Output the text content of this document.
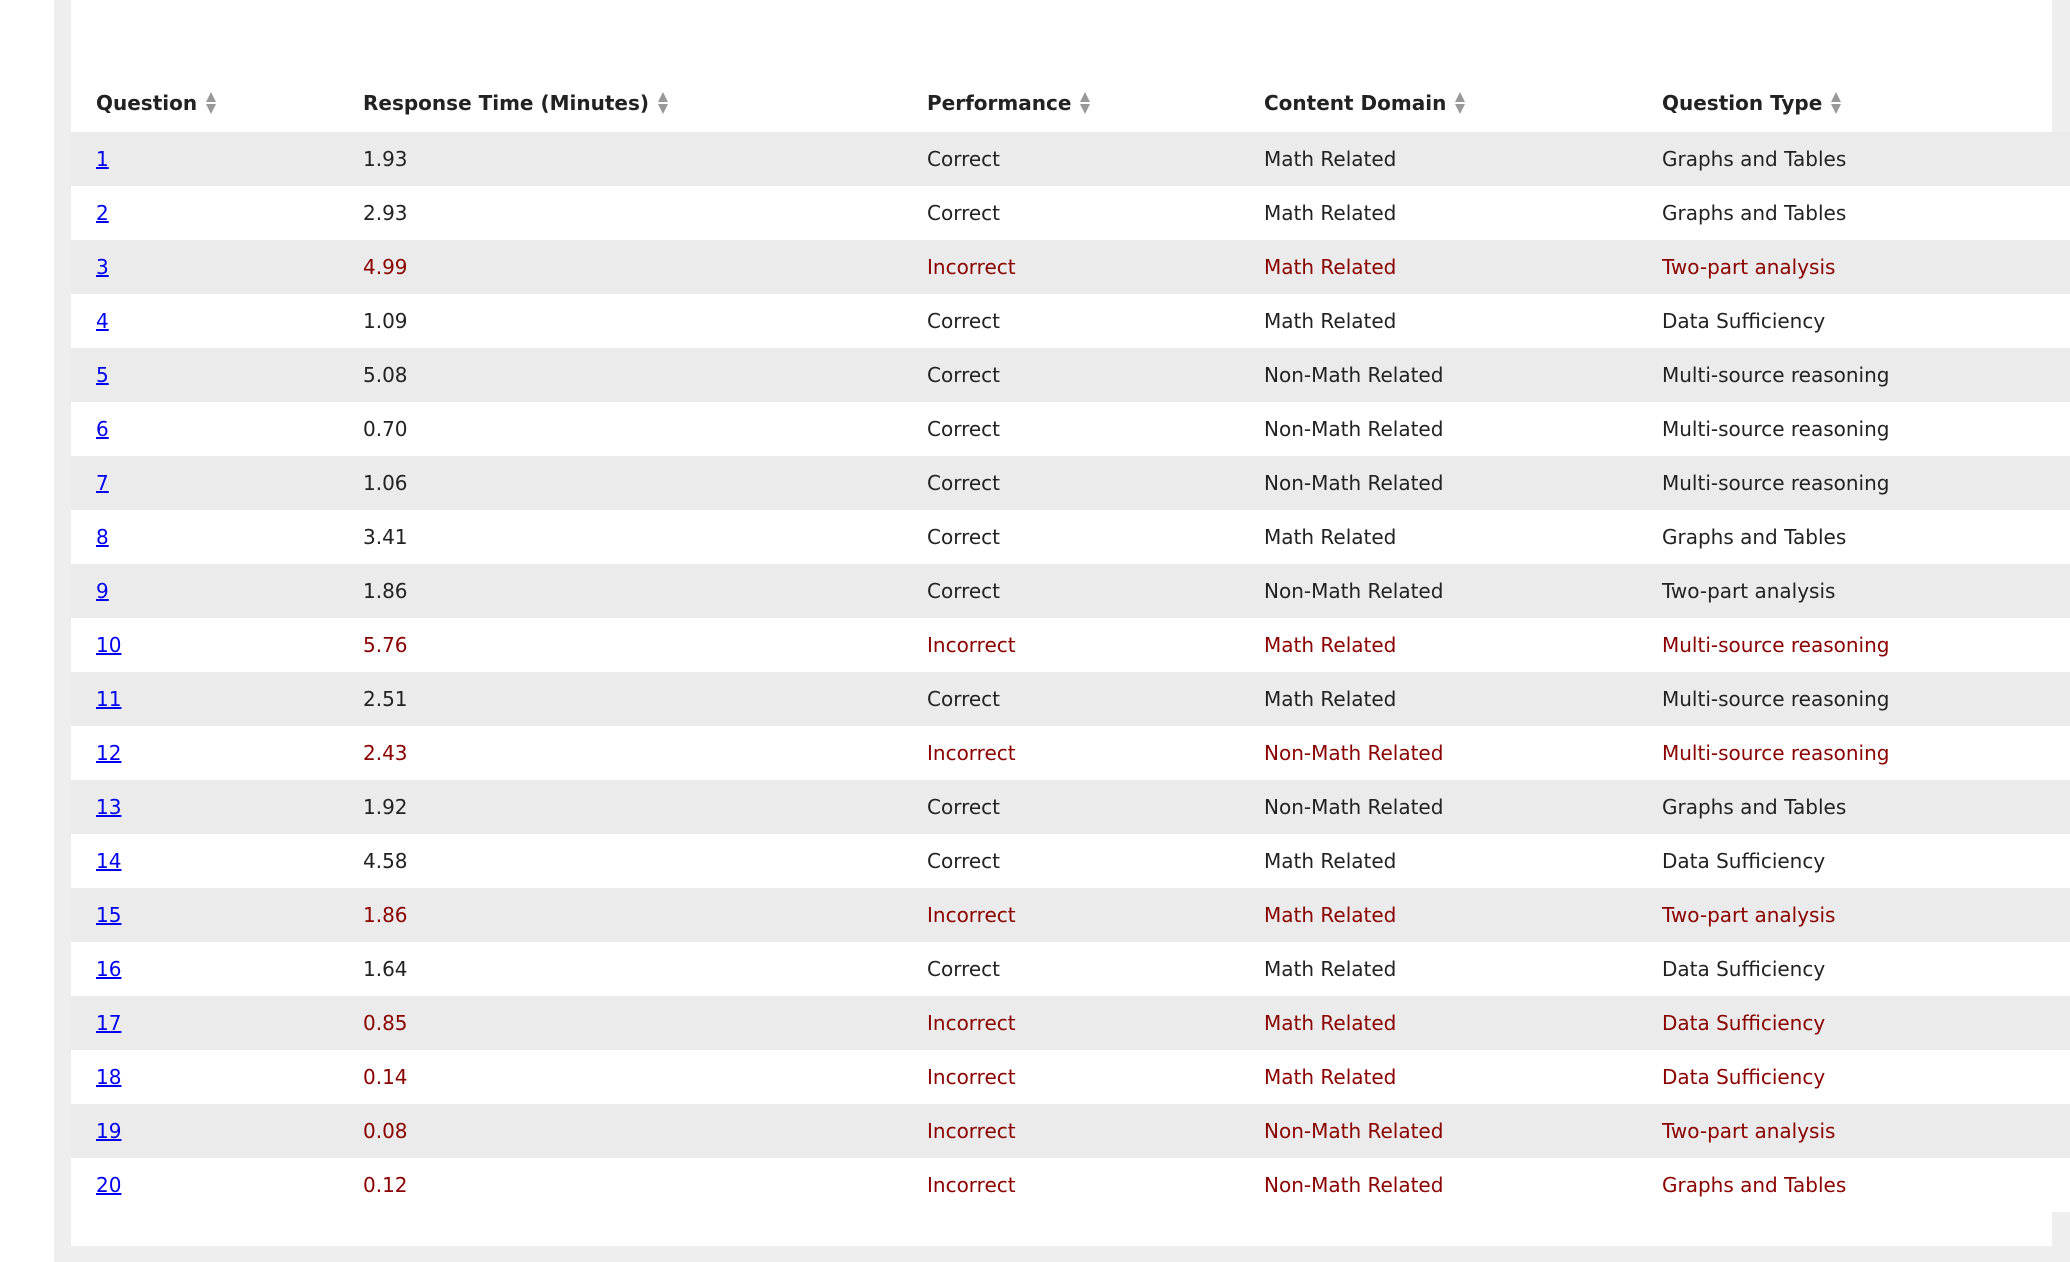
Question	Response Time (Minutes)	Performance	Content Domain	Question Type

1	1.93	Correct	Math Related	Graphs and Tables
2	2.93	Correct	Math Related	Graphs and Tables
3	4.99	Incorrect	Math Related	Two-part analysis
4	1.09	Correct	Math Related	Data Sufficiency
5	5.08	Correct	Non-Math Related	Multi-source reasoning
6	0.70	Correct	Non-Math Related	Multi-source reasoning
7	1.06	Correct	Non-Math Related	Multi-source reasoning
8	3.41	Correct	Math Related	Graphs and Tables
9	1.86	Correct	Non-Math Related	Two-part analysis
10	5.76	Incorrect	Math Related	Multi-source reasoning
11	2.51	Correct	Math Related	Multi-source reasoning
12	2.43	Incorrect	Non-Math Related	Multi-source reasoning
13	1.92	Correct	Non-Math Related	Graphs and Tables
14	4.58	Correct	Math Related	Data Sufficiency
15	1.86	Incorrect	Math Related	Two-part analysis
16	1.64	Correct	Math Related	Data Sufficiency
17	0.85	Incorrect	Math Related	Data Sufficiency
18	0.14	Incorrect	Math Related	Data Sufficiency
19	0.08	Incorrect	Non-Math Related	Two-part analysis
20	0.12	Incorrect	Non-Math Related	Graphs and Tables
